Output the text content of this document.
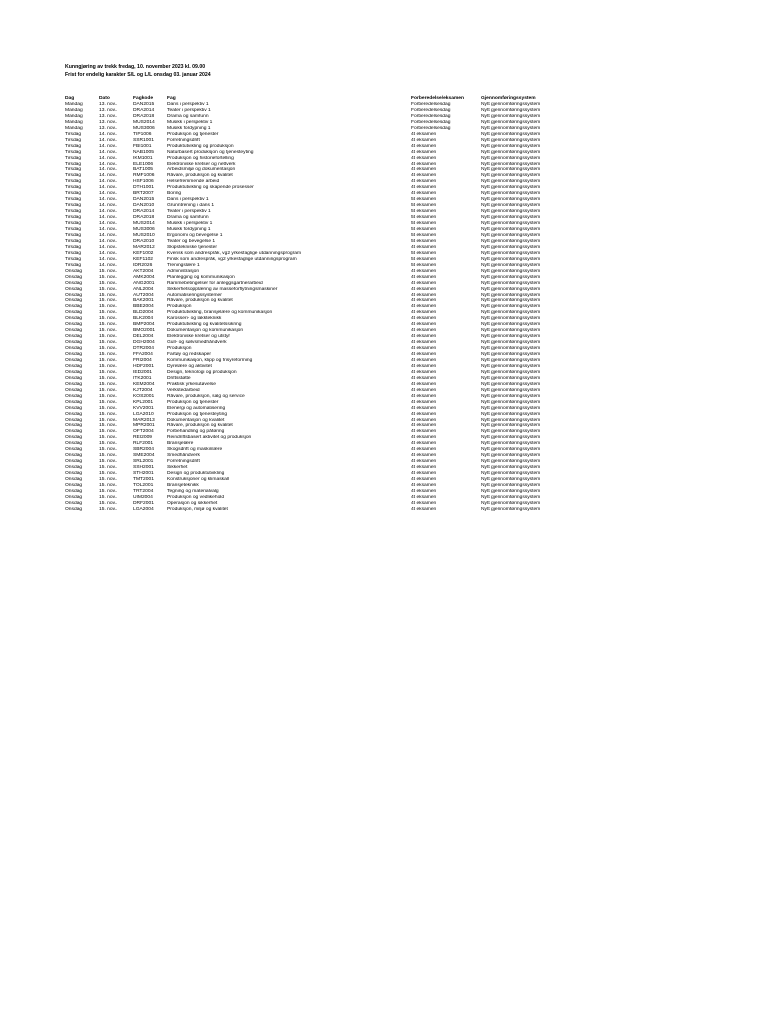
Kunngjøring av trekk fredag, 10. november 2023 kl. 09.00
Frist for endelig karakter S/L og L/L onsdag 03. januar 2024
Dag	Dato	Fagkode	Fag	Forberedelse/eksamen	Gjennomføringssystem
Mandag	13. nov..	DAN2015	Dans i perspektiv 1	Forberedelsesdag	Nytt gjennomføringssystem
Mandag	13. nov..	DRA2014	Teater i perspektiv 1	Forberedelsesdag	Nytt gjennomføringssystem
Mandag	13. nov..	DRA2018	Drama og samfunn	Forberedelsesdag	Nytt gjennomføringssystem
Mandag	13. nov..	MUS2014	Musikk i perspektiv 1	Forberedelsesdag	Nytt gjennomføringssystem
Mandag	13. nov..	MUS3006	Musikk fordypning 1	Forberedelsesdag	Nytt gjennomføringssystem
Tirsdag	14. nov..	TIP1006	Produksjon og tjenester	4t eksamen	Nytt gjennomføringssystem
Tirsdag	14. nov..	SSR1001	Forretningsdrift	4t eksamen	Nytt gjennomføringssystem
Tirsdag	14. nov..	FBI1001	Produktutvikling og produksjon	4t eksamen	Nytt gjennomføringssystem
Tirsdag	14. nov..	NAB1005	Naturbasert produksjon og tjenesteyting	4t eksamen	Nytt gjennomføringssystem
Tirsdag	14. nov..	IKM1001	Produksjon og historiefortelling	4t eksamen	Nytt gjennomføringssystem
Tirsdag	14. nov..	ELE1006	Elektroniske kretser og nettverk	4t eksamen	Nytt gjennomføringssystem
Tirsdag	14. nov..	BAT1005	Arbeidsmiljø og dokumentasjon	4t eksamen	Nytt gjennomføringssystem
Tirsdag	14. nov..	RMF1006	Råvare, produksjon og kvalitet	4t eksamen	Nytt gjennomføringssystem
Tirsdag	14. nov..	HSF1006	Helsefremmende arbeid	4t eksamen	Nytt gjennomføringssystem
Tirsdag	14. nov..	DTH1001	Produktutvikling og skapende prosesser	4t eksamen	Nytt gjennomføringssystem
Tirsdag	14. nov..	BRT2007	Boring	4t eksamen	Nytt gjennomføringssystem
Tirsdag	14. nov..	DAN2015	Dans i perspektiv 1	5t eksamen	Nytt gjennomføringssystem
Tirsdag	14. nov..	DAN2010	Grunntrening i dans 1	5t eksamen	Nytt gjennomføringssystem
Tirsdag	14. nov..	DRA2014	Teater i perspektiv 1	5t eksamen	Nytt gjennomføringssystem
Tirsdag	14. nov..	DRA2018	Drama og samfunn	5t eksamen	Nytt gjennomføringssystem
Tirsdag	14. nov..	MUS2014	Musikk i perspektiv 1	5t eksamen	Nytt gjennomføringssystem
Tirsdag	14. nov..	MUS3006	Musikk fordypning 1	5t eksamen	Nytt gjennomføringssystem
Tirsdag	14. nov..	MUS2010	Ergonomi og bevegelse 1	5t eksamen	Nytt gjennomføringssystem
Tirsdag	14. nov..	DRA2010	Teater og bevegelse 1	5t eksamen	Nytt gjennomføringssystem
Tirsdag	14. nov..	MAR2012	Skipstekniske tjenester	4t eksamen	Nytt gjennomføringssystem
Tirsdag	14. nov..	KEF1002	Kvensk som andrespråk, vg2 yrkesfaglige utdanningsprogram	5t eksamen	Nytt gjennomføringssystem
Tirsdag	14. nov..	KEF1102	Finsk som andrespråk, vg2 yrkesfaglige utdanningsprogram	5t eksamen	Nytt gjennomføringssystem
Tirsdag	14. nov..	IDR2026	Treningslære 1	5t eksamen	Nytt gjennomføringssystem
Onsdag	15. nov..	AKT2004	Administrasjon	4t eksamen	Nytt gjennomføringssystem
Onsdag	15. nov..	AMK2004	Planlegging og kommunikasjon	4t eksamen	Nytt gjennomføringssystem
Onsdag	15. nov..	ANG2001	Rammebetingelser for anleggsgartnerarbeid	4t eksamen	Nytt gjennomføringssystem
Onsdag	15. nov..	ANL2004	Sikkerhetsopplæring av masseforflytningsmaskiner	4t eksamen	Nytt gjennomføringssystem
Onsdag	15. nov..	AUT2004	Automatiseringssystemer	4t eksamen	Nytt gjennomføringssystem
Onsdag	15. nov..	BAK2001	Råvare, produksjon og kvalitet	4t eksamen	Nytt gjennomføringssystem
Onsdag	15. nov..	BBE2004	Produksjon	4t eksamen	Nytt gjennomføringssystem
Onsdag	15. nov..	BLD2004	Produktutvikling, bransjelære og kommunikasjon	4t eksamen	Nytt gjennomføringssystem
Onsdag	15. nov..	BLK2004	Karosseri- og lakkteknikk	4t eksamen	Nytt gjennomføringssystem
Onsdag	15. nov..	BMP2004	Produktutvikling og kvalitetssikring	4t eksamen	Nytt gjennomføringssystem
Onsdag	15. nov..	BMO2001	Dokumentasjon og kommunikasjon	4t eksamen	Nytt gjennomføringssystem
Onsdag	15. nov..	DEL2004	Elektroniske kretser og utstyr	4t eksamen	Nytt gjennomføringssystem
Onsdag	15. nov..	DGH2004	Gull- og sølvsmedhåndverk	4t eksamen	Nytt gjennomføringssystem
Onsdag	15. nov..	DTR2004	Produksjon	4t eksamen	Nytt gjennomføringssystem
Onsdag	15. nov..	FFA2004	Fartøy og redskaper	4t eksamen	Nytt gjennomføringssystem
Onsdag	15. nov..	FRI2004	Kommunikasjon, klipp og frisyreforming	4t eksamen	Nytt gjennomføringssystem
Onsdag	15. nov..	HDF2001	Dyrelære og aktivitet	4t eksamen	Nytt gjennomføringssystem
Onsdag	15. nov..	IED2001	Design, teknologi og produksjon	4t eksamen	Nytt gjennomføringssystem
Onsdag	15. nov..	ITK2001	Driftsstøtte	4t eksamen	Nytt gjennomføringssystem
Onsdag	15. nov..	KEM2004	Praktisk yrkesutøvelse	4t eksamen	Nytt gjennomføringssystem
Onsdag	15. nov..	KJT2004	Verkstedarbeid	4t eksamen	Nytt gjennomføringssystem
Onsdag	15. nov..	KOS2001	Råvare, produksjon, salg og service	4t eksamen	Nytt gjennomføringssystem
Onsdag	15. nov..	KPL2001	Produksjon og tjenester	4t eksamen	Nytt gjennomføringssystem
Onsdag	15. nov..	KVV2001	Elenergi og automatisering	4t eksamen	Nytt gjennomføringssystem
Onsdag	15. nov..	LGA2010	Produksjon og tjenesteyting	4t eksamen	Nytt gjennomføringssystem
Onsdag	15. nov..	MAR2013	Dokumentasjon og kvalitet	4t eksamen	Nytt gjennomføringssystem
Onsdag	15. nov..	MPR2001	Råvare, produksjon og kvalitet	4t eksamen	Nytt gjennomføringssystem
Onsdag	15. nov..	OFT2004	Forbehandling og påføring	4t eksamen	Nytt gjennomføringssystem
Onsdag	15. nov..	REI2009	Reindriftsbasert aktivitet og produksjon	4t eksamen	Nytt gjennomføringssystem
Onsdag	15. nov..	RLF2001	Bransjelære	4t eksamen	Nytt gjennomføringssystem
Onsdag	15. nov..	SBR2004	Skogsdrift og maskinlære	4t eksamen	Nytt gjennomføringssystem
Onsdag	15. nov..	SME2004	Smedhåndverk	4t eksamen	Nytt gjennomføringssystem
Onsdag	15. nov..	SRL2001	Forretningsdrift	4t eksamen	Nytt gjennomføringssystem
Onsdag	15. nov..	SSH2001	Sikkerhet	4t eksamen	Nytt gjennomføringssystem
Onsdag	15. nov..	STH2001	Design og produktutvikling	4t eksamen	Nytt gjennomføringssystem
Onsdag	15. nov..	TMT2001	Konstruksjoner og klimaskall	4t eksamen	Nytt gjennomføringssystem
Onsdag	15. nov..	TOL2001	Bransjeteknikk	4t eksamen	Nytt gjennomføringssystem
Onsdag	15. nov..	TRT2004	Tegning og materialvalg	4t eksamen	Nytt gjennomføringssystem
Onsdag	15. nov..	UIM2004	Produksjon og vedlikehold	4t eksamen	Nytt gjennomføringssystem
Onsdag	15. nov..	DRF2001	Operasjon og sikkerhet	4t eksamen	Nytt gjennomføringssystem
Onsdag	15. nov..	LGA2004	Produksjon, miljø og kvalitet	4t eksamen	Nytt gjennomføringssystem
